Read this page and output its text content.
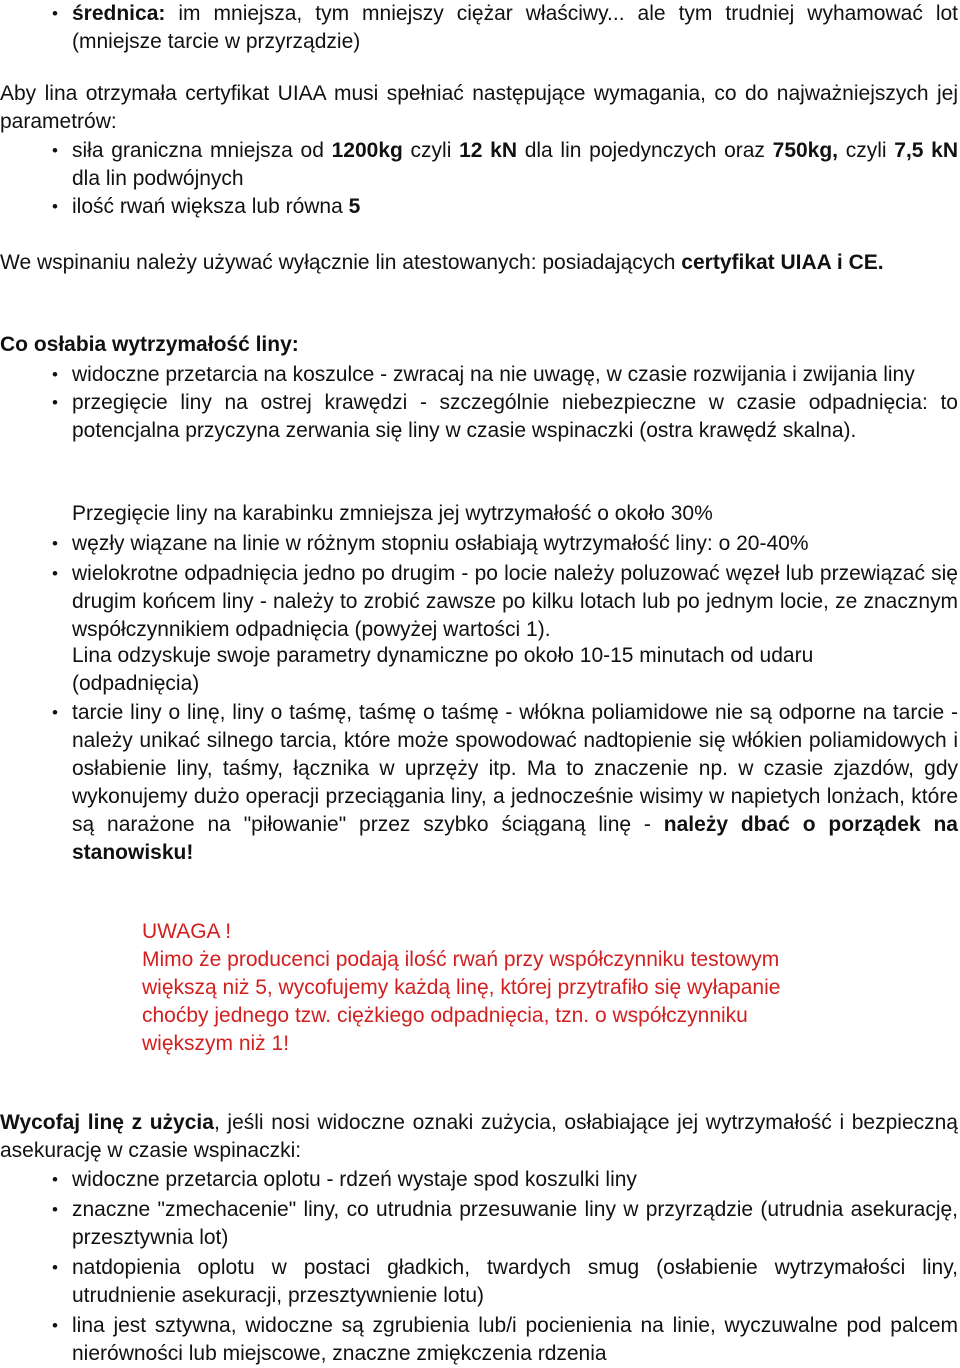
• średnica: im mniejsza, tym mniejszy ciężar właściwy... ale tym trudniej wyhamować lot (mniejsze tarcie w przyrządzie)

Aby lina otrzymała certyfikat UIAA musi spełniać następujące wymagania, co do najważniejszych jej parametrów:

• siła graniczna mniejsza od 1200kg czyli 12 kN dla lin pojedynczych oraz 750kg, czyli 7,5 kN dla lin podwójnych
• ilość rwań większa lub równa 5

We wspinaniu należy używać wyłącznie lin atestowanych: posiadających certyfikat UIAA i CE.

Co osłabia wytrzymałość liny:

• widoczne przetarcia na koszulce - zwracaj na nie uwagę, w czasie rozwijania i zwijania liny
• przegięcie liny na ostrej krawędzi - szczególnie niebezpieczne w czasie odpadnięcia: to potencjalna przyczyna zerwania się liny w czasie wspinaczki (ostra krawędź skalna).

Przegięcie liny na karabinku zmniejsza jej wytrzymałość o około 30%

• węzły wiązane na linie w różnym stopniu osłabiają wytrzymałość liny: o 20-40%
• wielokrotne odpadnięcia jedno po drugim - po locie należy poluzować węzeł lub przewiązać się drugim końcem liny - należy to zrobić zawsze po kilku lotach lub po jednym locie, ze znacznym współczynnikiem odpadnięcia (powyżej wartości 1).

Lina odzyskuje swoje parametry dynamiczne po około 10-15 minutach od udaru (odpadnięcia)

• tarcie liny o linę, liny o taśmę, taśmę o taśmę - włókna poliamidowe nie są odporne na tarcie - należy unikać silnego tarcia, które może spowodować nadtopienie się włókien poliamidowych i osłabienie liny, taśmy, łącznika w uprzęży itp. Ma to znaczenie np. w czasie zjazdów, gdy wykonujemy dużo operacji przeciągania liny, a jednocześnie wisimy w napietych lonżach, które są narażone na "piłowanie" przez szybko ściąganą linę - należy dbać o porządek na stanowisku!

UWAGA !

Mimo że producenci podają ilość rwań przy współczynniku testowym większą niż 5, wycofujemy każdą linę, której przytrafiło się wyłapanie choćby jednego tzw. ciężkiego odpadnięcia, tzn. o współczynniku większym niż 1!

Wycofaj linę z użycia, jeśli nosi widoczne oznaki zużycia, osłabiające jej wytrzymałość i bezpieczną asekurację w czasie wspinaczki:

• widoczne przetarcia oplotu - rdzeń wystaje spod koszulki liny
• znaczne "zmechacenie" liny, co utrudnia przesuwanie liny w przyrządzie (utrudnia asekurację, przesztywnia lot)
• natdopienia oplotu w postaci gładkich, twardych smug (osłabienie wytrzymałości liny, utrudnienie asekuracji, przesztywnienie lotu)
• lina jest sztywna, widoczne są zgrubienia lub/i pocienienia na linie, wyczuwalne pod palcem nierówności lub miejscowe, znaczne zmiękczenia rdzenia
